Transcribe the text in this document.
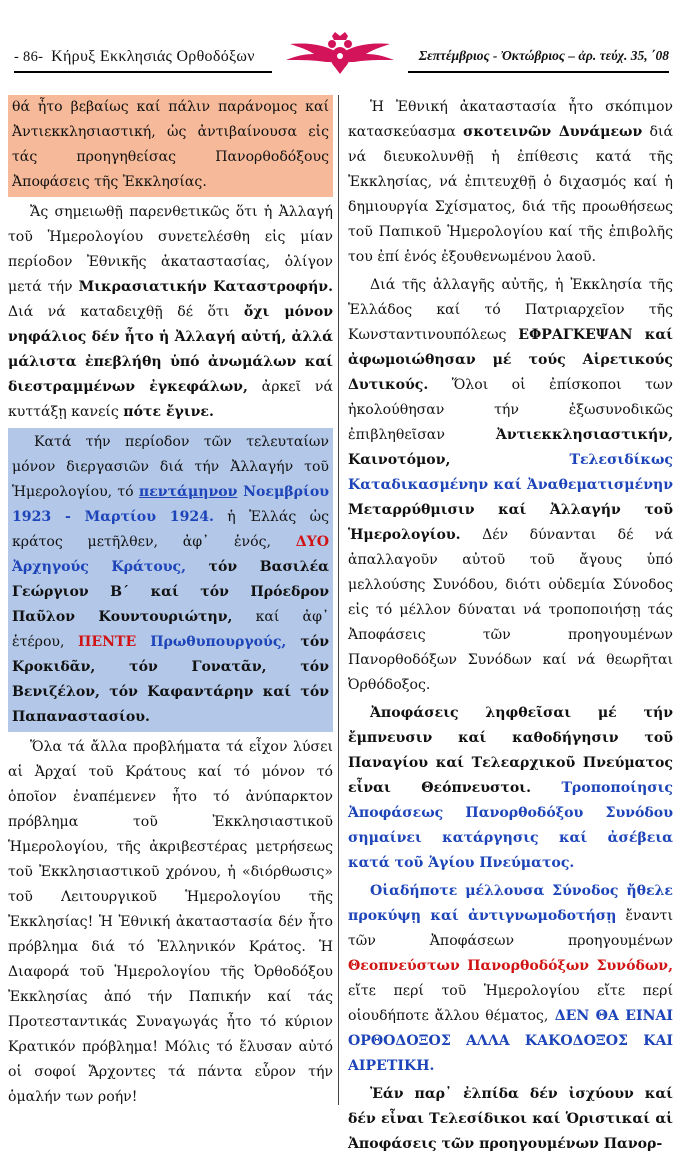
- 86- Κήρυξ Εκκλησιάς Ορθοδόξων	Σεπτέμβριος - Ὀκτώβριος – ἀρ. τεύχ. 35, ΄08

θά ἦτο βεβαίως καί πάλιν παράνομος καί Ἀντιεκκλησιαστική, ὡς ἀντιβαίνουσα εἰς τάς προηγηθείσας Πανορθοδόξους Ἀποφάσεις τῆς Ἐκκλησίας.

Ἄς σημειωθῇ παρενθετικῶς ὅτι ἡ Ἀλλαγή τοῦ Ἡμερολογίου συνετελέσθη εἰς μίαν περίοδον Ἐθνικῆς ἀκαταστασίας, ὀλίγον μετά τήν Μικρασιατικήν Καταστροφήν. Διά νά καταδειχθῇ δέ ὅτι ὄχι μόνον νηφάλιος δέν ἦτο ἡ Ἀλλαγή αὐτή, ἀλλά μάλιστα ἐπεβλήθη ὑπό ἀνωμάλων καί διεστραμμένων ἐγκεφάλων, ἀρκεῖ νά κυττάξῃ κανείς πότε ἔγινε.

Κατά τήν περίοδον τῶν τελευταίων μόνον διεργασιῶν διά τήν Ἀλλαγήν τοῦ Ἡμερολογίου, τό πεντάμηνον Νοεμβρίου 1923 - Μαρτίου 1924. ἡ Ἑλλάς ὡς κράτος μετῆλθεν, ἀφ᾽ ἑνός, ΔΥΟ Ἀρχηγούς Κράτους, τόν Βασιλέα Γεώργιον Β΄ καί τόν Πρόεδρον Παῦλον Κουντουριώτην, καί ἀφ᾽ ἑτέρου, ΠΕΝΤΕ Πρωθυπουργούς, τόν Κροκιδᾶν, τόν Γονατᾶν, τόν Βενιζέλον, τόν Καφαντάρην καί τόν Παπαναστασίου.

Ὅλα τά ἄλλα προβλήματα τά εἶχον λύσει αἱ Ἀρχαί τοῦ Κράτους καί τό μόνον τό ὁποῖον ἐναπέμενεν ἦτο τό ἀνύπαρκτον πρόβλημα τοῦ Ἐκκλησιαστικοῦ Ἡμερολογίου, τῆς ἀκριβεστέρας μετρήσεως τοῦ Ἐκκλησιαστικοῦ χρόνου, ἡ «διόρθωσις» τοῦ Λειτουργικοῦ Ἡμερολογίου τῆς Ἐκκλησίας! Ἡ Ἐθνική ἀκαταστασία δέν ἦτο πρόβλημα διά τό Ἑλληνικόν Κράτος. Ἡ Διαφορά τοῦ Ἡμερολογίου τῆς Ὀρθοδόξου Ἐκκλησίας ἀπό τήν Παπικήν καί τάς Προτεσταντικάς Συναγωγάς ἦτο τό κύριον Κρατικόν πρόβλημα! Μόλις τό ἔλυσαν αὐτό οἱ σοφοί Ἄρχοντες τά πάντα εὗρον τήν ὁμαλήν των ροήν!

Ἡ Ἐθνική ἀκαταστασία ἦτο σκόπιμον κατασκεύασμα σκοτεινῶν Δυνάμεων διά νά διευκολυνθῇ ἡ ἐπίθεσις κατά τῆς Ἐκκλησίας, νά ἐπιτευχθῇ ὁ διχασμός καί ἡ δημιουργία Σχίσματος, διά τῆς προωθήσεως τοῦ Παπικοῦ Ἡμερολογίου καί τῆς ἐπιβολῆς του ἐπί ἑνός ἐξουθενωμένου λαοῦ.

Διά τῆς ἀλλαγῆς αὐτῆς, ἡ Ἐκκλησία τῆς Ἑλλάδος καί τό Πατριαρχεῖον τῆς Κωνσταντινουπόλεως ΕΦΡΑΓΚΕΨΑΝ καί ἀφωμοιώθησαν μέ τούς Αἱρετικούς Δυτικούς. Ὅλοι οἱ ἐπίσκοποι των ἠκολούθησαν τήν ἐξωσυνοδικῶς ἐπιβληθεῖσαν Ἀντιεκκλησιαστικήν, Καινοτόμον, Τελεσιδίκως Καταδικασμένην καί Ἀναθεματισμένην Μεταρρύθμισιν καί Ἀλλαγήν τοῦ Ἡμερολογίου. Δέν δύνανται δέ νά ἀπαλλαγοῦν αὐτοῦ τοῦ ἄγους ὑπό μελλούσης Συνόδου, διότι οὐδεμία Σύνοδος εἰς τό μέλλον δύναται νά τροποποιήσῃ τάς Ἀποφάσεις τῶν προηγουμένων Πανορθοδόξων Συνόδων καί νά θεωρῆται Ὀρθόδοξος.

Ἀποφάσεις ληφθεῖσαι μέ τήν ἔμπνευσιν καί καθοδήγησιν τοῦ Παναγίου καί Τελεαρχικοῦ Πνεύματος εἶναι Θεόπνευστοι. Τροποποίησις Ἀποφάσεως Πανορθοδόξου Συνόδου σημαίνει κατάργησις καί ἀσέβεια κατά τοῦ Ἁγίου Πνεύματος.

Οἱαδήποτε μέλλουσα Σύνοδος ἤθελε προκύψῃ καί ἀντιγνωμοδοτήσῃ ἔναντι τῶν Ἀποφάσεων προηγουμένων Θεοπνεύστων Πανορθοδόξων Συνόδων, εἴτε περί τοῦ Ἡμερολογίου εἴτε περί οἱουδήποτε ἄλλου θέματος, ΔΕΝ ΘΑ ΕΙΝΑΙ ΟΡΘΟΔΟΞΟΣ ΑΛΛΑ ΚΑΚΟΔΟΞΟΣ ΚΑΙ ΑΙΡΕΤΙΚΗ.

Ἐάν παρ᾽ ἐλπίδα δέν ἰσχύουν καί δέν εἶναι Τελεσίδικοι καί Ὁριστικαί αἱ Ἀποφάσεις τῶν προηγουμένων Πανορ-
